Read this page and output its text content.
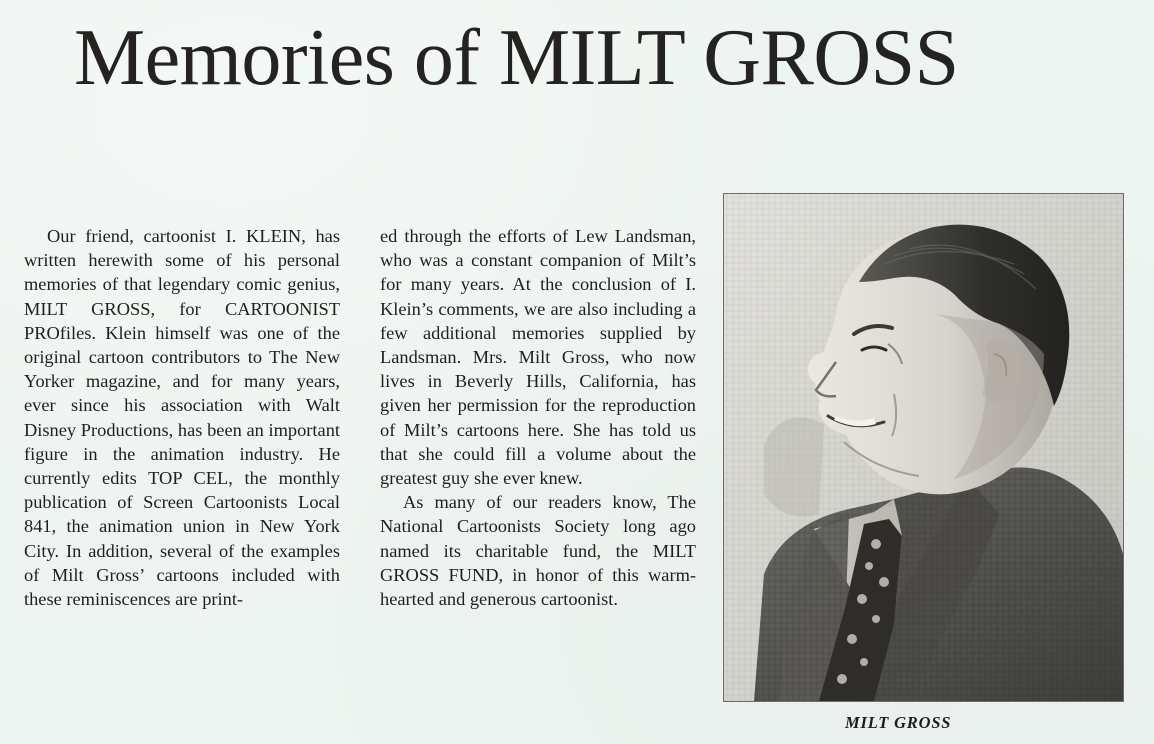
Memories of MILT GROSS

Our friend, cartoonist I. KLEIN, has written herewith some of his personal memories of that legendary comic genius, MILT GROSS, for CARTOONIST PROfiles. Klein himself was one of the original cartoon contributors to The New Yorker magazine, and for many years, ever since his association with Walt Disney Productions, has been an important figure in the animation industry. He currently edits TOP CEL, the monthly publication of Screen Cartoonists Local 841, the animation union in New York City. In addition, several of the examples of Milt Gross’ cartoons included with these reminiscences are print-

ed through the efforts of Lew Landsman, who was a constant companion of Milt’s for many years. At the conclusion of I. Klein’s comments, we are also including a few additional memories supplied by Landsman. Mrs. Milt Gross, who now lives in Beverly Hills, California, has given her permission for the reproduction of Milt’s cartoons here. She has told us that she could fill a volume about the greatest guy she ever knew.

As many of our readers know, The National Cartoonists Society long ago named its charitable fund, the MILT GROSS FUND, in honor of this warm-hearted and generous cartoonist.

MILT GROSS
